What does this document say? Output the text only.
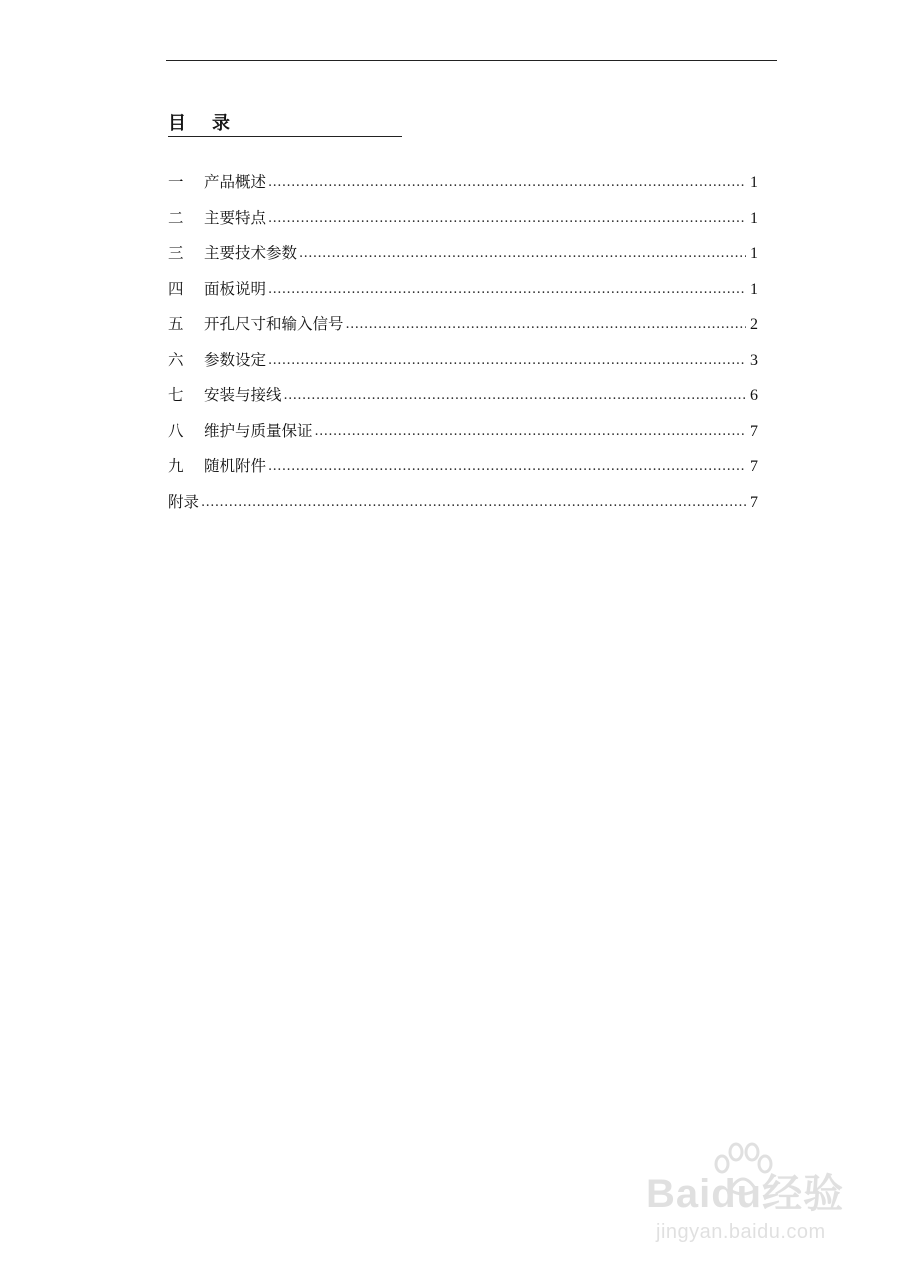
目 录
一	产品概述 .....	1
二	主要特点 .....	1
三	主要技术参数 .....	1
四	面板说明 .....	1
五	开孔尺寸和输入信号 .....	2
六	参数设定 .....	3
七	安装与接线 .....	6
八	维护与质量保证 .....	7
九	随机附件 .....	7
附录 .....	7
Baidu经验
jingyan.baidu.com
